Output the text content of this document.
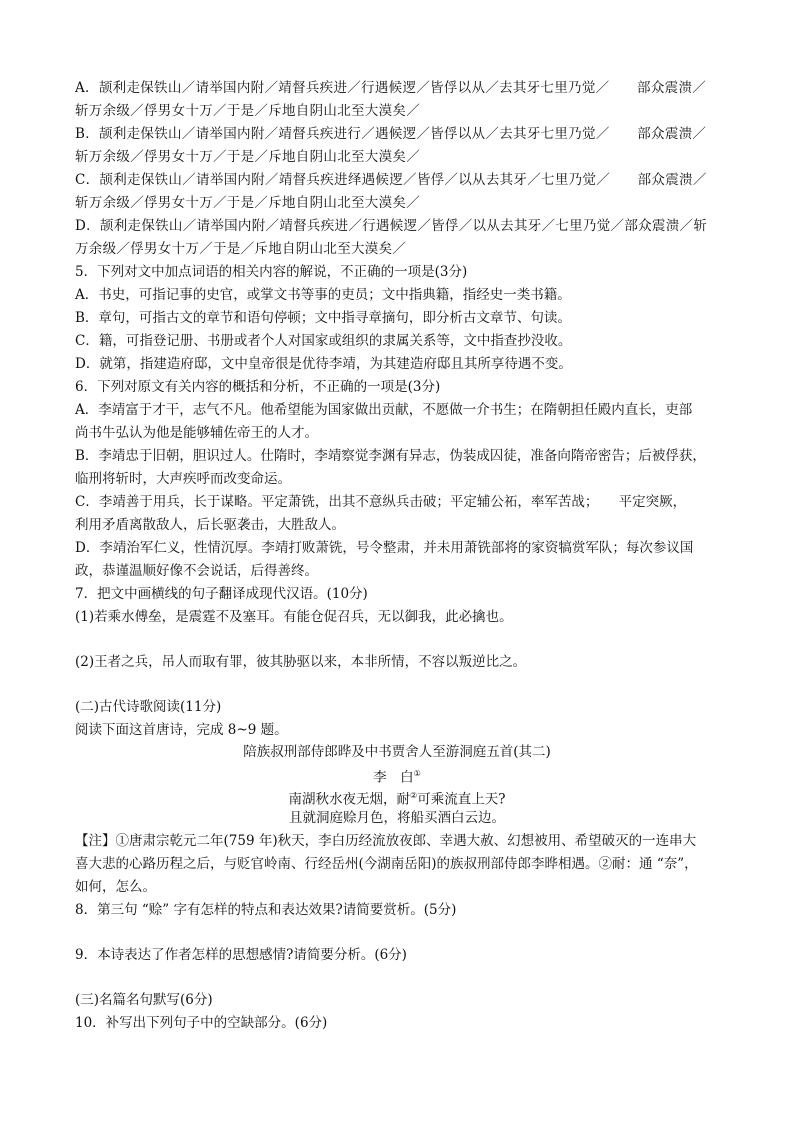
A．颉利走保铁山／请举国内附／靖督兵疾进／行遇候逻／皆俘以从／去其牙七里乃觉／　　部众震溃／

斩万余级／俘男女十万／于是／斥地自阴山北至大漠矣／

B．颉利走保铁山／请举国内附／靖督兵疾进行／遇候逻／皆俘以从／去其牙七里乃觉／　　部众震溃／

斩万余级／俘男女十万／于是／斥地自阴山北至大漠矣／

C．颉利走保铁山／请举国内附／靖督兵疾进绎遇候逻／皆俘／以从去其牙／七里乃觉／　　部众震溃／

斩万余级／俘男女十万／于是／斥地自阴山北至大漠矣／

D．颉利走保铁山／请举国内附／靖督兵疾进／行遇候逻／皆俘／以从去其牙／七里乃觉／部众震溃／斩

万余级／俘男女十万／于是／斥地自阴山北至大漠矣／

5．下列对文中加点词语的相关内容的解说，不正确的一项是(3分)

A．书史，可指记事的史官，或掌文书等事的吏员；文中指典籍，指经史一类书籍。

B．章句，可指古文的章节和语句停顿；文中指寻章摘句，即分析古文章节、句读。

C．籍，可指登记册、书册或者个人对国家或组织的隶属关系等，文中指查抄没收。

D．就第，指建造府邸，文中皇帝很是优待李靖，为其建造府邸且其所享待遇不变。

6．下列对原文有关内容的概括和分析，不正确的一项是(3分)

A．李靖富于才干，志气不凡。他希望能为国家做出贡献，不愿做一介书生；在隋朝担任殿内直长，吏部

尚书牛弘认为他是能够辅佐帝王的人才。

B．李靖忠于旧朝，胆识过人。仕隋时，李靖察觉李渊有异志，伪装成囚徒，准备向隋帝密告；后被俘获，

临刑将斩时，大声疾呼而改变命运。

C．李靖善于用兵，长于谋略。平定萧铣，出其不意纵兵击破；平定辅公祏，率军苦战；　　平定突厥，

利用矛盾离散敌人，后长驱袭击，大胜敌人。

D．李靖治军仁义，性情沉厚。李靖打败萧铣，号令整肃，并未用萧铣部将的家资犒赏军队；每次参议国

政，恭谨温顺好像不会说话，后得善终。

7．把文中画横线的句子翻译成现代汉语。(10分)

(1)若乘水傅垒，是震霆不及塞耳。有能仓促召兵，无以御我，此必擒也。

(2)王者之兵，吊人而取有罪，彼其胁驱以来，本非所情，不容以叛逆比之。

(二)古代诗歌阅读(11分)

阅读下面这首唐诗，完成 8~9 题。

陪族叔刑部侍郎晔及中书贾舍人至游洞庭五首(其二)

李　白①

南湖秋水夜无烟，耐②可乘流直上天?

且就洞庭赊月色，将船买酒白云边。

【注】①唐肃宗乾元二年(759 年)秋天，李白历经流放夜郎、幸遇大赦、幻想被用、希望破灭的一连串大

喜大悲的心路历程之后，与贬官岭南、行经岳州(今湖南岳阳)的族叔刑部侍郎李晔相遇。②耐：通 “奈”，

如何，怎么。

8．第三句 “赊” 字有怎样的特点和表达效果?请简要赏析。(5分)

9．本诗表达了作者怎样的思想感情?请简要分析。(6分)

(三)名篇名句默写(6分)

10．补写出下列句子中的空缺部分。(6分)
